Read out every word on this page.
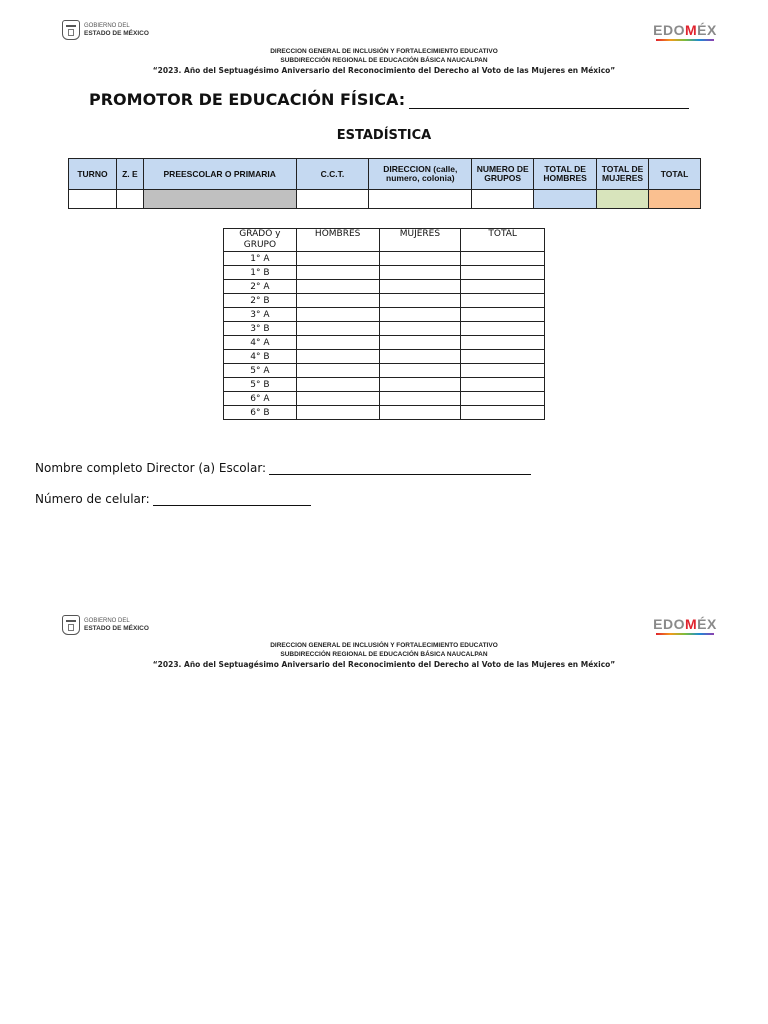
GOBIERNO DEL
ESTADO DE MÉXICO	EDOMÉX
DIRECCION GENERAL DE INCLUSIÓN Y FORTALECIMIENTO EDUCATIVO
SUBDIRECCIÓN REGIONAL DE EDUCACIÓN BÁSICA NAUCALPAN
“2023. Año del Septuagésimo Aniversario del Reconocimiento del Derecho al Voto de las Mujeres en México”
PROMOTOR DE EDUCACIÓN FÍSICA:
ESTADÍSTICA
TURNO	Z. E	PREESCOLAR O PRIMARIA	C.C.T.	DIRECCION (calle, numero, colonia)	NUMERO DE GRUPOS	TOTAL DE HOMBRES	TOTAL DE MUJERES	TOTAL

GRADO y GRUPO	HOMBRES	MUJERES	TOTAL
1° A			
1° B			
2° A			
2° B			
3° A			
3° B			
4° A			
4° B			
5° A			
5° B			
6° A			
6° B			
Nombre completo Director (a) Escolar:
Número de celular:
GOBIERNO DEL
ESTADO DE MÉXICO	EDOMÉX
DIRECCION GENERAL DE INCLUSIÓN Y FORTALECIMIENTO EDUCATIVO
SUBDIRECCIÓN REGIONAL DE EDUCACIÓN BÁSICA NAUCALPAN
“2023. Año del Septuagésimo Aniversario del Reconocimiento del Derecho al Voto de las Mujeres en México”
